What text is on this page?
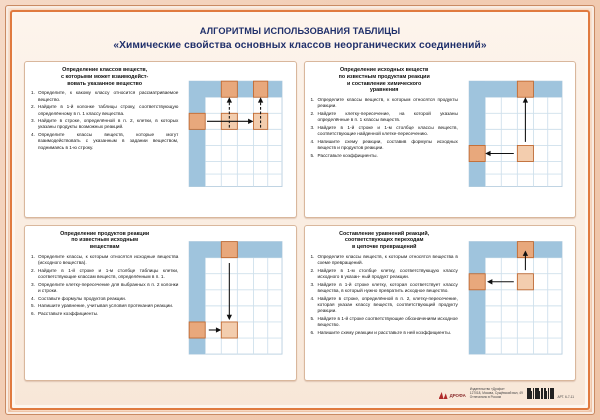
АЛГОРИТМЫ ИСПОЛЬЗОВАНИЯ ТАБЛИЦЫ
«Химические свойства основных классов неорганических соединений»
Определение классов веществ,
с которыми может взаимодейст-
вовать указанное вещество
1. Определите, к какому классу относится рассматриваемое вещество.
2. Найдите в 1-й колонке таблицы строку, соответствующую определённому в п. 1 классу вещества.
3. Найдите в строке, определённой в п. 2, клетки, в которых указаны продукты возможных реакций.
4. Определите классы веществ, которые могут взаимодействовать с указанным в задании веществом, поднимаясь в 1-ю строку.
Определение исходных веществ
по известным продуктам реакции
и составление химического
уравнения
1. Определите классы веществ, к которым относятся продукты реакции.
2. Найдите клетку-пересечение, на которой указаны определённые в п. 1 классы веществ.
3. Найдите в 1-й строке и 1-м столбце классы веществ, соответствующие найденной клетке-пересечению.
4. Напишите схему реакции, составив формулы исходных веществ и продуктов реакции.
5. Расставьте коэффициенты.
Определение продуктов реакции
по известным исходным
веществам
1. Определите классы, к которым относятся исходные вещества (исходного вещества).
2. Найдите в 1-й строке и 1-м столбце таблицы клетки, соответствующие классам веществ, определённым в п. 1.
3. Определите клетку-пересечение для выбранных в п. 2 колонки и строки.
4. Составьте формулы продуктов реакции.
5. Напишите уравнение, учитывая условия протекания реакции.
6. Расставьте коэффициенты.
Составление уравнений реакций,
соответствующих переходам
в цепочке превращений
1. Определите классы веществ, к которым относятся вещества в схеме превращений.
2. Найдите в 1-м столбце клетку, соответствующую классу исходного в указан- ный продукт реакции.
3. Найдите в 1-й строке клетку, которая соответствует классу вещества, в который нужно превратить исходное вещество.
4. Найдите в строке, определённой в п. 2, клетку-пересечение, которая указан классу веществ, соответствующий продукту реакции.
5. Найдите в 1-й строке соответствующие обозначениям исходное вещество.
6. Напишите схему реакции и расставьте в ней коэффициенты.
ДРОФА
Издательство «Дрофа»
127018, Москва, Сущёвский вал, 49
Отпечатано в России	АРТ. 6-7-11
